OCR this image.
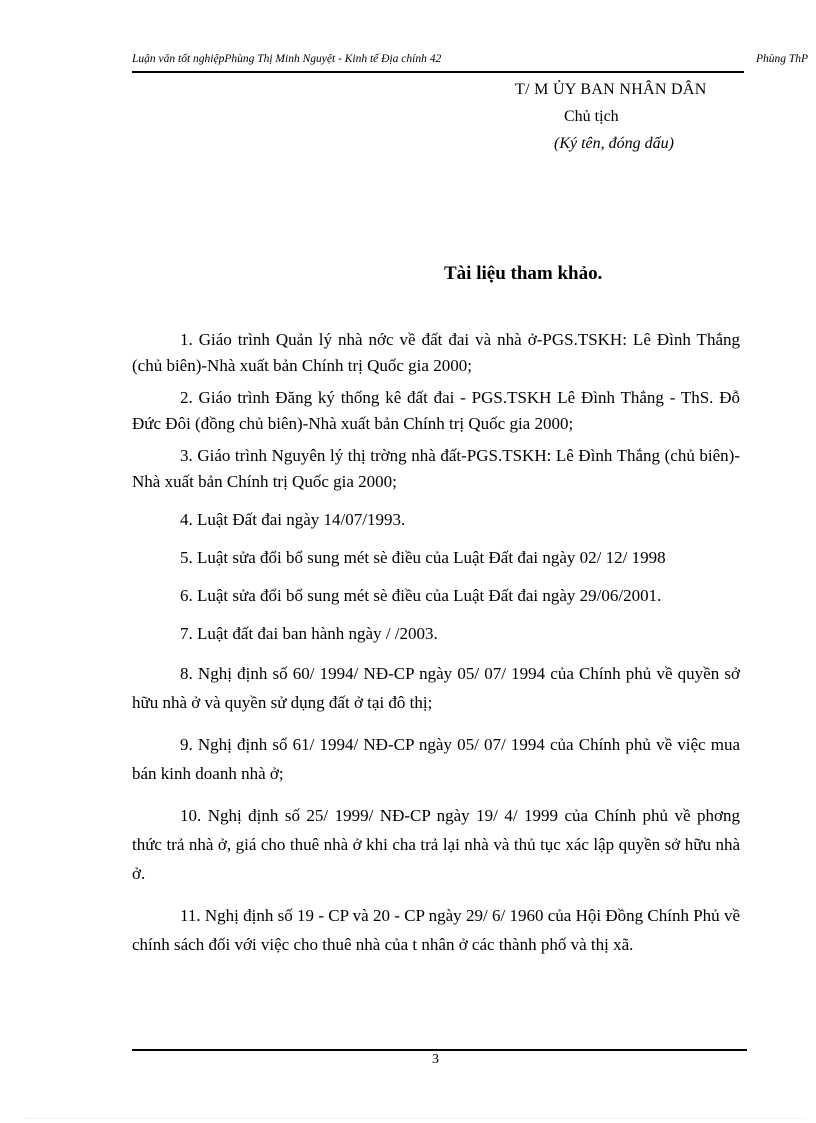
Luận văn tốt nghiệpPhùng Thị Minh Nguyệt - Kinh tế Địa chính 42	Phùng ThP
T/ M ỦY BAN NHÂN DÂN
Chủ tịch
(Ký tên, đóng dấu)
Tài liệu tham khảo.
1. Giáo trình Quản lý nhà nớc về đất đai và nhà ở-PGS.TSKH: Lê Đình Thắng (chủ biên)-Nhà xuất bản Chính trị Quốc gia 2000;
2. Giáo trình Đăng ký thống kê đất đai - PGS.TSKH Lê Đình Thắng - ThS. Đỗ Đức Đôi (đồng chủ biên)-Nhà xuất bản Chính trị Quốc gia 2000;
3. Giáo trình Nguyên lý thị trờng nhà đất-PGS.TSKH: Lê Đình Thắng (chủ biên)-Nhà xuất bản Chính trị Quốc gia 2000;
4. Luật Đất đai ngày 14/07/1993.
5. Luật sửa đổi bổ sung mét sè điều của Luật Đất đai ngày 02/ 12/ 1998
6. Luật sửa đổi bổ sung mét sè điều của Luật Đất đai ngày 29/06/2001.
7. Luật đất đai ban hành ngày / /2003.
8. Nghị định số 60/ 1994/ NĐ-CP ngày 05/ 07/ 1994 của Chính phủ về quyền sở hữu nhà ở và quyền sử dụng đất ở tại đô thị;
9. Nghị định số 61/ 1994/ NĐ-CP ngày 05/ 07/ 1994 của Chính phủ về việc mua bán kinh doanh nhà ở;
10. Nghị định số 25/ 1999/ NĐ-CP ngày 19/ 4/ 1999 của Chính phủ về phơng thức trả nhà ở, giá cho thuê nhà ở khi cha trả lại nhà và thủ tục xác lập quyền sở hữu nhà ở.
11. Nghị định số 19 - CP và 20 - CP ngày 29/ 6/ 1960 của Hội Đồng Chính Phủ về chính sách đối với việc cho thuê nhà của t nhân ở các thành phố và thị xã.
3
